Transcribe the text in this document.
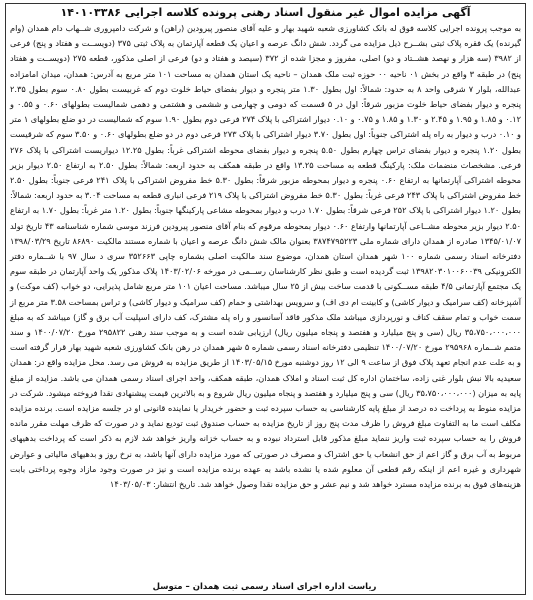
آگهی مزایده اموال غیر منقول اسناد رهنی پرونده کلاسه اجرایی ۱۴۰۱۰۳۳۸۶

به موجب پرونده اجرایی کلاسه فوق له بانک کشاورزی شعبه شهید بهار و علیه آقای منصور پیرودین (راهن) و شرکت دامپروری شــهاب دام همدان (وام گیرنده) یک فقره پلاک ثبتی بشــرح ذیل مزایده می گردد. شش دانگ عرصه و اعیان یک قطعه آپارتمان به پلاک ثبتی ۳۷۵ (دویســت و هفتاد و پنج) فرعی از ۳۹۸۲ (سه هزار و نهصد هشــتاد و دو) اصلی، مفروز و مجزا شده از ۳۷۲ (سیصد و هفتاد و دو) فرعی از اصلی مذکور، قطعه ۲۷۵ (دویســت و هفتاد پنج) در طبقه ۳ واقع در بخش ۰۱ ناحیه ۰۰ حوزه ثبت ملک همدان – ناحیه یک استان همدان به مساحت ۱۰۱ متر مربع به آدرس: همدان، میدان امامزاده عبدالله، بلوار ۷ شرقی واحد ۸ به حدود: شمالاً: اول بطول ۱.۳۰ متر پنجره و دیوار بفضای حیاط خلوت دوم که غربیست بطول ۰.۸۰ سوم بطول ۲.۳۵ پنجره و دیوار بفضای حیاط خلوت مزبور شرقاً: اول در ۵ قسمت که دومی و چهارمی و ششمی و هشتمی و دهمی شمالیست بطولهای ۰.۶۰ و ۰.۵۵ و ۰.۱۲ و ۱.۸۵ و ۱.۹۵ و ۲.۴۵ و ۱.۳۰ و ۱.۸۵ و ۰.۷۵ و ۰.۱۰ دیوار اشتراکی با پلاک ۲۷۴ فرعی دوم بطول ۱.۹۰ سوم که شمالیست در دو ضلع بطولهای ۱ متر و ۰.۱۰ درب و دیوار به راه پله اشتراکی جنوباً: اول بطول ۳.۷۰ دیوار اشتراکی با پلاک ۲۷۳ فرعی دوم در دو ضلع بطولهای ۰.۶۰ و ۳.۵۰ سوم که شرقیست بطول ۱.۲۰ پنجره و دیوار بفضای تراس چهارم بطول ۵.۵۰ پنجره و دیوار بفضای محوطه اشتراکی غرباً: بطول ۱۲.۲۵ دیواریست اشتراکی با پلاک ۲۷۶ فرعی. مشخصات منضمات ملک: پارکینگ قطعه به مساحت ۱۳.۲۵ واقع در طبقه همکف به حدود اربعه: شمالاً: بطول ۲.۵۰ به ارتفاع ۲.۵۰ دیوار بزیر محوطه اشتراکی آپارتمانها به ارتفاع ۰.۶۰ پنجره و دیوار بمحوطه مزبور شرقاً: بطول ۵.۳۰ خط مفروض اشتراکی با پلاک ۲۴۱ فرعی جنوباً: بطول ۲.۵۰ خط مفروض اشتراکی با پلاک ۲۴۳ فرعی غرباً: بطول ۵.۳۰ خط مفروض اشتراکی با پلاک ۲۱۹ فرعی انباری قطعه به مساحت ۳.۰۴ به حدود اربعه: شمالاً: بطول ۱.۲۰ دیوار اشتراکی با پلاک ۲۵۲ فرعی شرقاً: بطول ۱.۷۰ درب و دیوار بمحوطه مشاعی پارکینگها جنوباً: بطول ۱.۲۰ متر غرباً: بطول ۱.۷۰ به ارتفاع ۲.۵۰ دیوار بزیر محوطه مشــاعی آپارتمانها وارتفاع ۰.۶۰ دیوار بمحوطه مرقوم که بنام آقای منصور پیرودین فرزند موسی شماره شناسنامه ۴۳ تاریخ تولد ۱۳۴۵/۰۱/۰۷ صادره از همدان دارای شماره ملی ۳۸۷۴۷۹۵۲۲۳ بعنوان مالک شش دانگ عرصه و اعیان با شماره مستند مالکیت ۸۶۸۹۰ تاریخ ۱۳۹۸/۰۳/۲۹ دفترخانه اسناد رسمی شماره ۱۰۰ شهر همدان استان همدان، موضوع سند مالکیت اصلی بشماره چاپی ۳۵۲۶۶۳ سری د سال ۹۷ با شــماره دفتر الکترونیکی ۱۳۹۸۲۰۳۰۱۰۰۶۰۰۳۹ ثبت گردیده است و طبق نظر کارشناسان رســمی در مورخه ۱۴۰۳/۰۲/۰۶ پلاک مذکور یک واحد آپارتمان در طبقه سوم یک مجتمع آپارتمانی ۴/۵ طبقه مســکونی با قدمت ساخت بیش از ۲۵ سال میباشد. مساحت اعیان ۱۰۱ متر مربع شامل پذیرایی، دو خواب (کف موکت) و آشپزخانه (کف سرامیک و دیوار کاشی) و کابینت ام دی اف) و سرویس بهداشتی و حمام (کف سرامیک و دیوار کاشی) و تراس بمساحت ۳.۵۸ متر مربع از سمت خواب و تمام سقف کناف و نورپردازی میباشد ملک مذکور فاقد آسانسور و راه پله مشترک، کف دارای اسپلیت آب برق و گاز) میباشد که به مبلغ ۳۵،۷۵۰،۰۰۰،۰۰۰ ریال (سی و پنج میلیارد و هفتصد و پنجاه میلیون ریال) ارزیابی شده است و به موجب سند رهنی ۲۹۵۸۲۲ مورخ ۱۴۰۰/۰۷/۲۰ و سند متمم شــماره ۲۹۵۹۶۸ مورخ ۱۴۰۰/۰۷/۲۰ تنظیمی دفترخانه اسناد رسمی شماره ۵ شهر همدان در رهن بانک کشاورزی شعبه شهید بهار قرار گرفته است و به علت عدم انجام تعهد پلاک فوق از ساعت ۹ الی ۱۲ روز دوشنبه مورخ ۱۴۰۳/۰۵/۱۵ از طریق مزایده به فروش می رسد. محل مزایده واقع در: همدان سعیدیه بالا نبش بلوار غنی زاده، ساختمان اداره کل ثبت اسناد و املاک همدان، طبقه همکف، واحد اجرای اسناد رسمی همدان می باشد. مزایده از مبلغ پایه به میزان (۳۵،۷۵۰،۰۰۰،۰۰۰ ریال) سی و پنج میلیارد و هفتصد و پنجاه میلیون ریال شروع و به بالاترین قیمت پیشنهادی نقدا فروخته میشود. شرکت در مزایده منوط به پرداخت ده درصد از مبلغ پایه کارشناسی به حساب سپرده ثبت و حضور خریدار یا نماینده قانونی او در جلسه مزایده است. برنده مزایده مکلف است ما به التفاوت مبلغ فروش را ظرف مدت پنج روز از تاریخ مزایده به حساب صندوق ثبت تودیع نماید و در صورت که ظرف مهلت مقرر مانده فروش را به حساب سپرده ثبت واریز ننماید مبلغ مذکور قابل استرداد نبوده و به حساب خزانه واریز خواهد شد لازم به ذکر است که پرداخت بدهیهای مربوط به آب برق و گاز اعم از حق انشعاب یا حق اشتراک و مصرف در صورتی که مورد مزایده دارای آنها باشد، به نرخ روز و بدهیهای مالیاتی و عوارض شهرداری و غیره اعم از اینکه رقم قطعی آن معلوم شده یا نشده باشد به عهده برنده مزایده است و نیز در صورت وجود مازاد وجوه پرداختی بابت هزینه‌های فوق به برنده مزایده مسترد خواهد شد و نیم عشر و حق مزایده نقدا وصول خواهد شد. تاریخ انتشار: ۱۴۰۳/۰۵/۰۳

ریاست اداره اجرای اسناد رسمی ثبت همدان – متوسل
